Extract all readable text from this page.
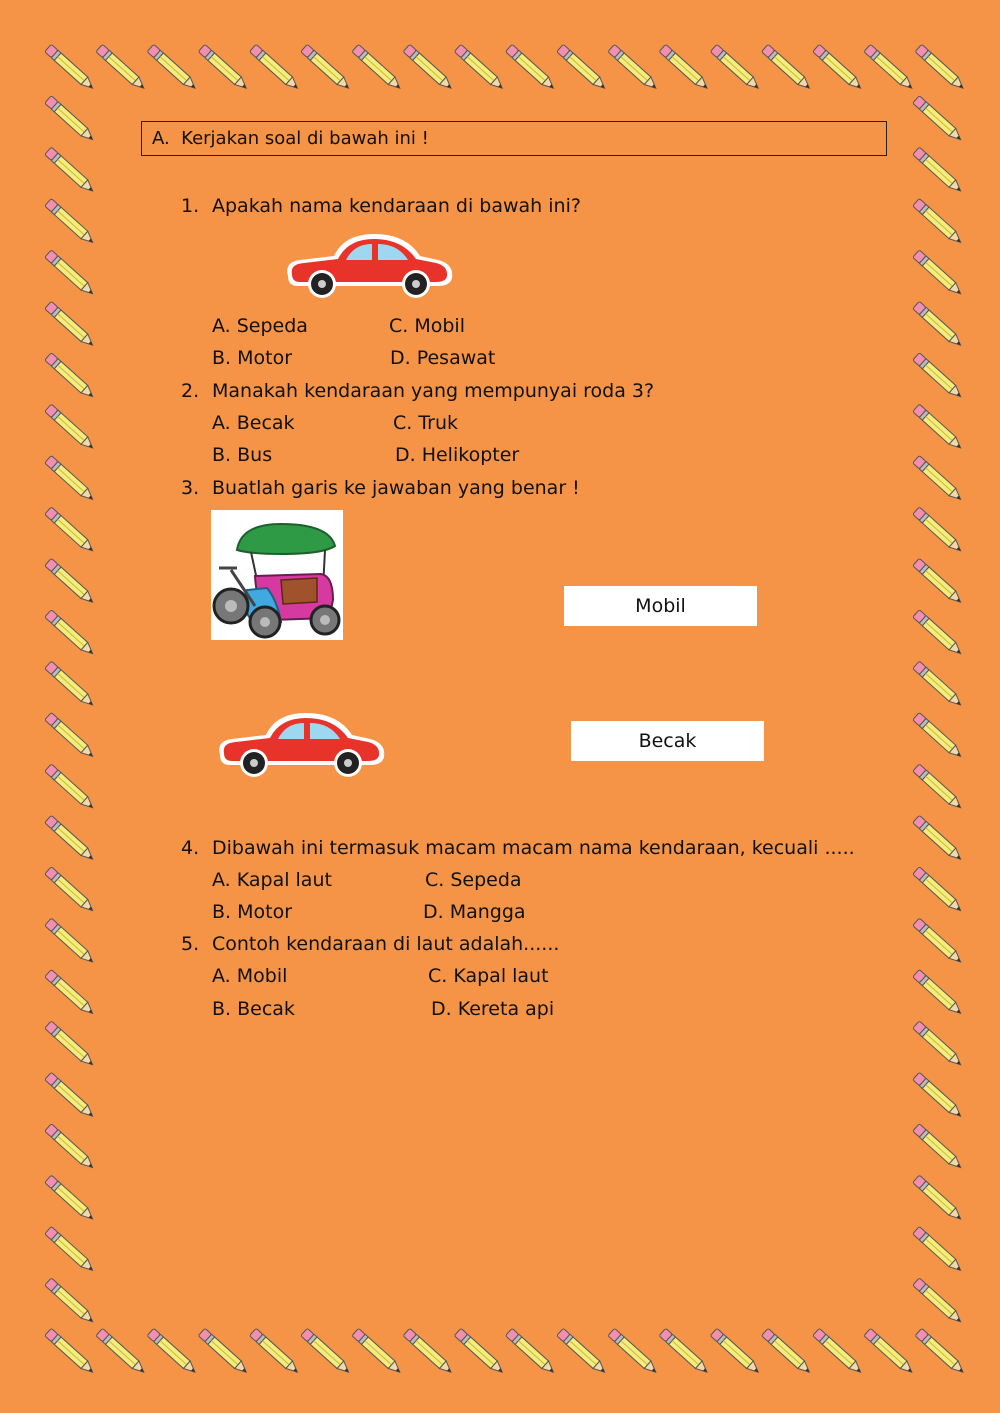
A. Kerjakan soal di bawah ini !
1. Apakah nama kendaraan di bawah ini?
A. Sepeda	C. Mobil
B. Motor	D. Pesawat
2. Manakah kendaraan yang mempunyai roda 3?
A. Becak	C. Truk
B. Bus	D. Helikopter
3. Buatlah garis ke jawaban yang benar !
Mobil
Becak
4. Dibawah ini termasuk macam macam nama kendaraan, kecuali .....
A. Kapal laut	C. Sepeda
B. Motor	D. Mangga
5. Contoh kendaraan di laut adalah......
A. Mobil	C. Kapal laut
B. Becak	D. Kereta api
